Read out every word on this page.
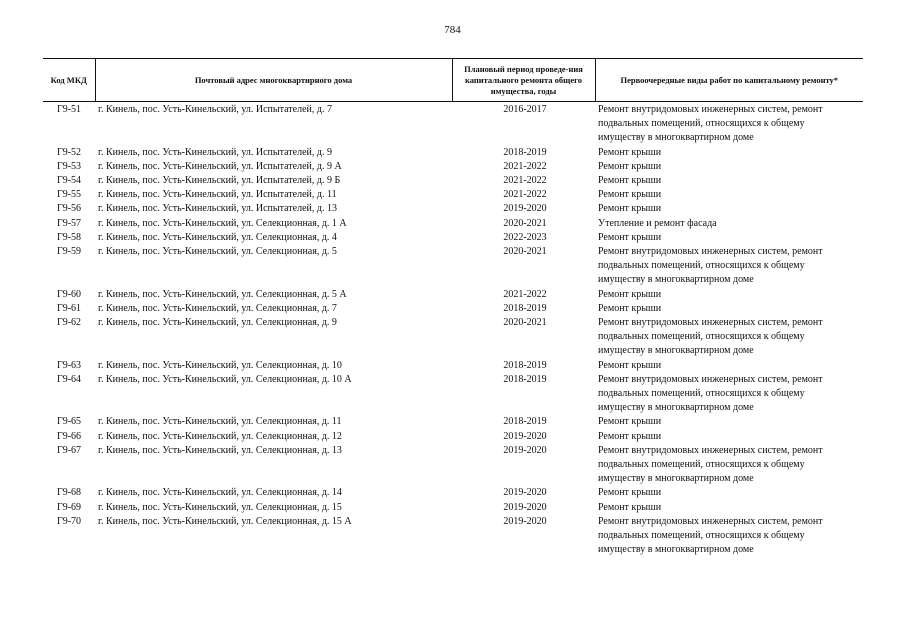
784
Код МКД	Почтовый адрес многоквартирного дома	Плановый период проведе-ния капитального ремонта общего имущества, годы	Первоочередные виды работ по капитальному ремонту*
Г9-51	г. Кинель, пос. Усть-Кинельский, ул. Испытателей, д. 7	2016-2017	Ремонт внутридомовых инженерных систем, ремонт подвальных помещений, относящихся к общему имуществу в многоквартирном доме
Г9-52	г. Кинель, пос. Усть-Кинельский, ул. Испытателей, д. 9	2018-2019	Ремонт крыши
Г9-53	г. Кинель, пос. Усть-Кинельский, ул. Испытателей, д. 9 А	2021-2022	Ремонт крыши
Г9-54	г. Кинель, пос. Усть-Кинельский, ул. Испытателей, д. 9 Б	2021-2022	Ремонт крыши
Г9-55	г. Кинель, пос. Усть-Кинельский, ул. Испытателей, д. 11	2021-2022	Ремонт крыши
Г9-56	г. Кинель, пос. Усть-Кинельский, ул. Испытателей, д. 13	2019-2020	Ремонт крыши
Г9-57	г. Кинель, пос. Усть-Кинельский, ул. Селекционная, д. 1 А	2020-2021	Утепление и ремонт фасада
Г9-58	г. Кинель, пос. Усть-Кинельский, ул. Селекционная, д. 4	2022-2023	Ремонт крыши
Г9-59	г. Кинель, пос. Усть-Кинельский, ул. Селекционная, д. 5	2020-2021	Ремонт внутридомовых инженерных систем, ремонт подвальных помещений, относящихся к общему имуществу в многоквартирном доме
Г9-60	г. Кинель, пос. Усть-Кинельский, ул. Селекционная, д. 5 А	2021-2022	Ремонт крыши
Г9-61	г. Кинель, пос. Усть-Кинельский, ул. Селекционная, д. 7	2018-2019	Ремонт крыши
Г9-62	г. Кинель, пос. Усть-Кинельский, ул. Селекционная, д. 9	2020-2021	Ремонт внутридомовых инженерных систем, ремонт подвальных помещений, относящихся к общему имуществу в многоквартирном доме
Г9-63	г. Кинель, пос. Усть-Кинельский, ул. Селекционная, д. 10	2018-2019	Ремонт крыши
Г9-64	г. Кинель, пос. Усть-Кинельский, ул. Селекционная, д. 10 А	2018-2019	Ремонт внутридомовых инженерных систем, ремонт подвальных помещений, относящихся к общему имуществу в многоквартирном доме
Г9-65	г. Кинель, пос. Усть-Кинельский, ул. Селекционная, д. 11	2018-2019	Ремонт крыши
Г9-66	г. Кинель, пос. Усть-Кинельский, ул. Селекционная, д. 12	2019-2020	Ремонт крыши
Г9-67	г. Кинель, пос. Усть-Кинельский, ул. Селекционная, д. 13	2019-2020	Ремонт внутридомовых инженерных систем, ремонт подвальных помещений, относящихся к общему имуществу в многоквартирном доме
Г9-68	г. Кинель, пос. Усть-Кинельский, ул. Селекционная, д. 14	2019-2020	Ремонт крыши
Г9-69	г. Кинель, пос. Усть-Кинельский, ул. Селекционная, д. 15	2019-2020	Ремонт крыши
Г9-70	г. Кинель, пос. Усть-Кинельский, ул. Селекционная, д. 15 А	2019-2020	Ремонт внутридомовых инженерных систем, ремонт подвальных помещений, относящихся к общему имуществу в многоквартирном доме
